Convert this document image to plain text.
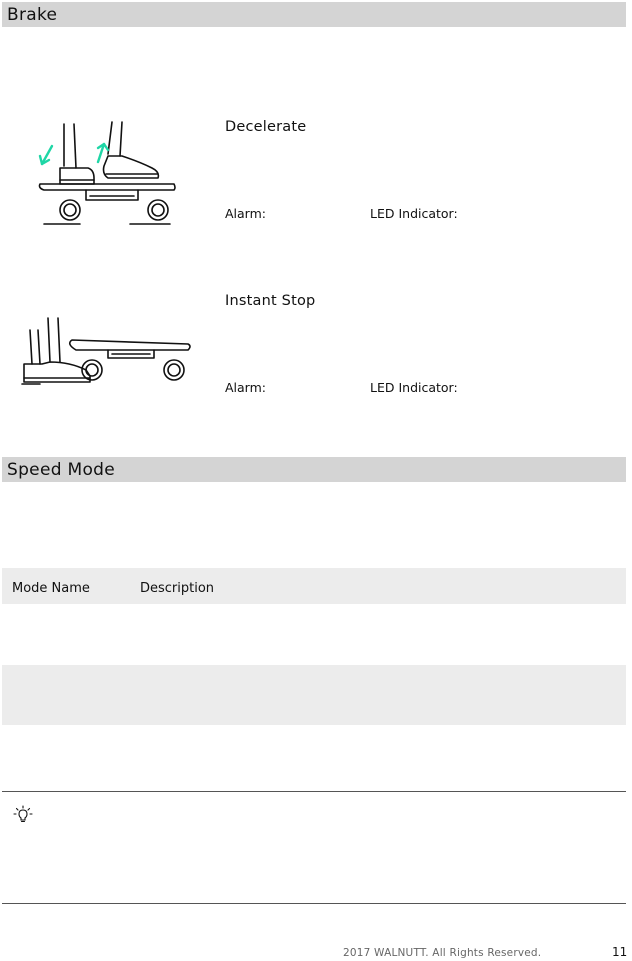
Brake
Decelerate
Alarm:	LED Indicator:
Instant Stop
Alarm:	LED Indicator:
Speed Mode
Mode Name	Description
2017 WALNUTT. All Rights Reserved.	11
